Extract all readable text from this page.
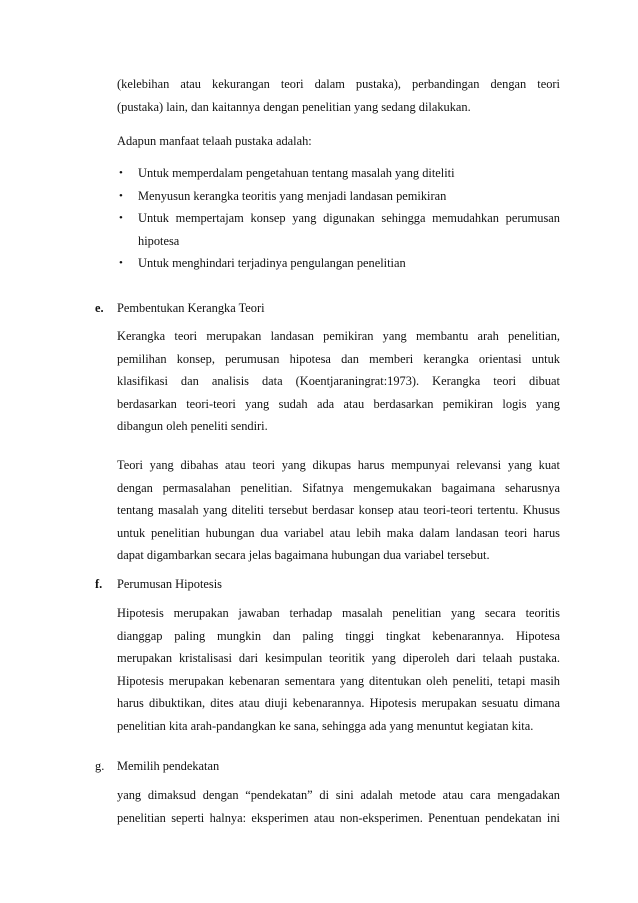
(kelebihan atau kekurangan teori dalam pustaka), perbandingan dengan teori
(pustaka) lain, dan kaitannya dengan penelitian yang sedang dilakukan.
Adapun manfaat telaah pustaka adalah:
• Untuk memperdalam pengetahuan tentang masalah yang diteliti
• Menyusun kerangka teoritis yang menjadi landasan pemikiran
• Untuk mempertajam konsep yang digunakan sehingga memudahkan perumusan
hipotesa
• Untuk menghindari terjadinya pengulangan penelitian
e. Pembentukan Kerangka Teori
Kerangka teori merupakan landasan pemikiran yang membantu arah penelitian,
pemilihan konsep, perumusan hipotesa dan memberi kerangka orientasi untuk
klasifikasi dan analisis data (Koentjaraningrat:1973). Kerangka teori dibuat
berdasarkan teori-teori yang sudah ada atau berdasarkan pemikiran logis yang
dibangun oleh peneliti sendiri.
Teori yang dibahas atau teori yang dikupas harus mempunyai relevansi yang kuat
dengan permasalahan penelitian. Sifatnya mengemukakan bagaimana seharusnya
tentang masalah yang diteliti tersebut berdasar konsep atau teori-teori tertentu. Khusus
untuk penelitian hubungan dua variabel atau lebih maka dalam landasan teori harus
dapat digambarkan secara jelas bagaimana hubungan dua variabel tersebut.
f. Perumusan Hipotesis
Hipotesis merupakan jawaban terhadap masalah penelitian yang secara teoritis
dianggap paling mungkin dan paling tinggi tingkat kebenarannya. Hipotesa
merupakan kristalisasi dari kesimpulan teoritik yang diperoleh dari telaah pustaka.
Hipotesis merupakan kebenaran sementara yang ditentukan oleh peneliti, tetapi masih
harus dibuktikan, dites atau diuji kebenarannya. Hipotesis merupakan sesuatu dimana
penelitian kita arah-pandangkan ke sana, sehingga ada yang menuntut kegiatan kita.
g. Memilih pendekatan
yang dimaksud dengan “pendekatan” di sini adalah metode atau cara mengadakan
penelitian seperti halnya: eksperimen atau non-eksperimen. Penentuan pendekatan ini
